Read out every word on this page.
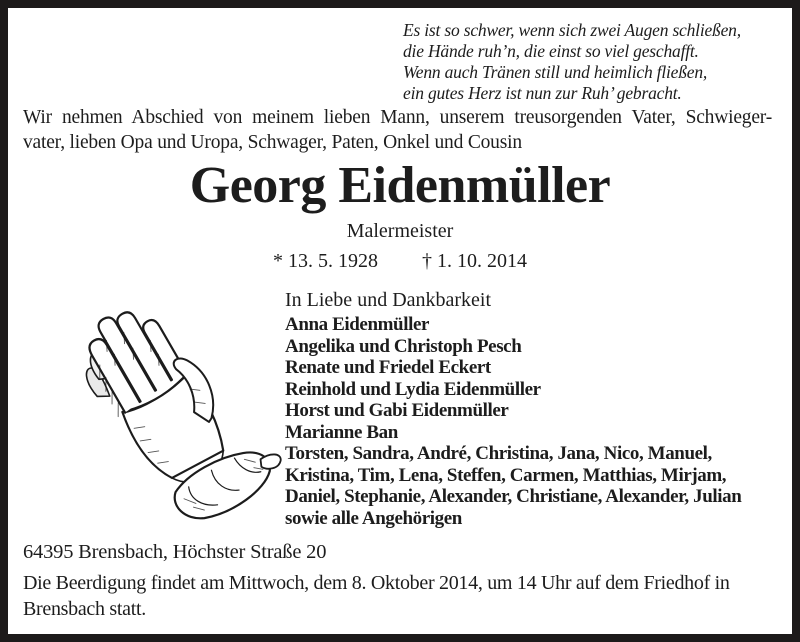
Es ist so schwer, wenn sich zwei Augen schließen,
die Hände ruh’n, die einst so viel geschafft.
Wenn auch Tränen still und heimlich fließen,
ein gutes Herz ist nun zur Ruh’ gebracht.
Wir nehmen Abschied von meinem lieben Mann, unserem treusorgenden Vater, Schwieger-
vater, lieben Opa und Uropa, Schwager, Paten, Onkel und Cousin
Georg Eidenmüller
Malermeister
* 13. 5. 1928 † 1. 10. 2014
In Liebe und Dankbarkeit
Anna Eidenmüller
Angelika und Christoph Pesch
Renate und Friedel Eckert
Reinhold und Lydia Eidenmüller
Horst und Gabi Eidenmüller
Marianne Ban
Torsten, Sandra, André, Christina, Jana, Nico, Manuel,
Kristina, Tim, Lena, Steffen, Carmen, Matthias, Mirjam,
Daniel, Stephanie, Alexander, Christiane, Alexander, Julian
sowie alle Angehörigen
64395 Brensbach, Höchster Straße 20
Die Beerdigung findet am Mittwoch, dem 8. Oktober 2014, um 14 Uhr auf dem Friedhof in
Brensbach statt.
